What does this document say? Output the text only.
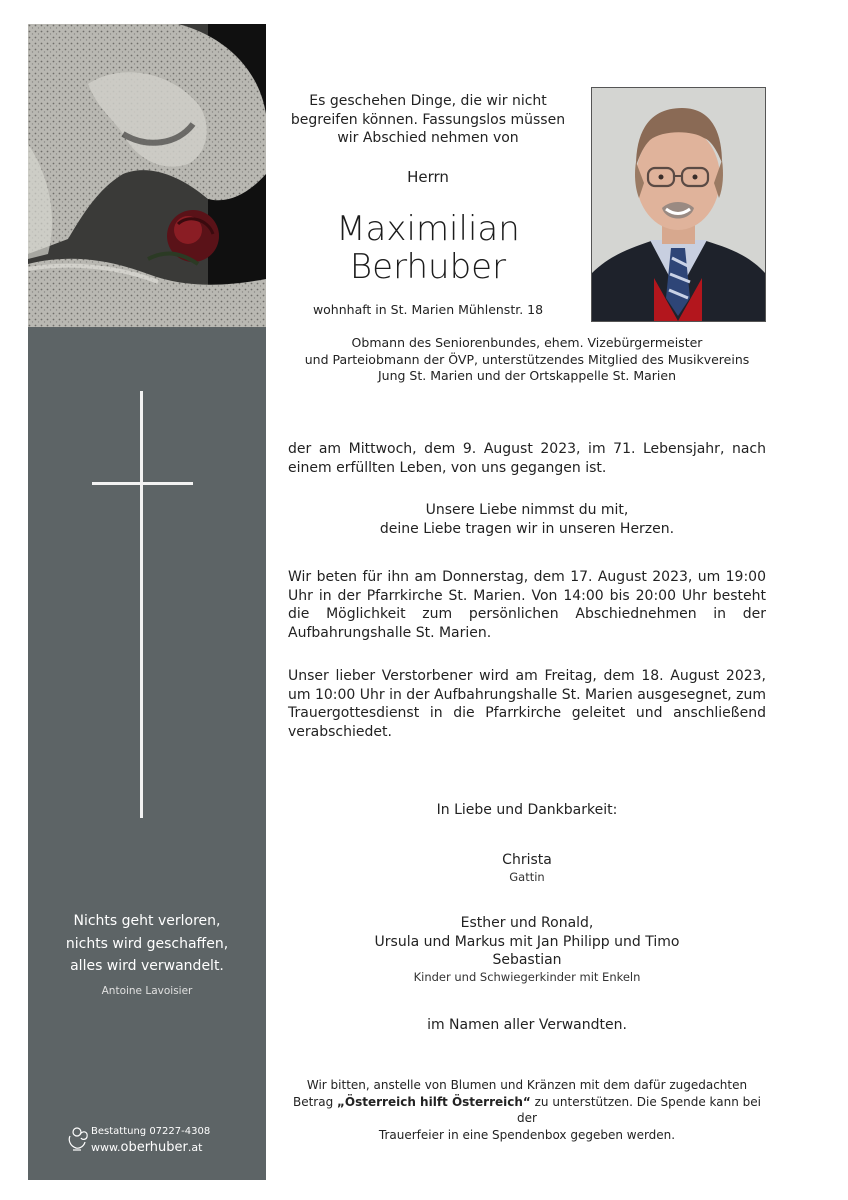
Nichts geht verloren,
nichts wird geschaffen,
alles wird verwandelt.
Antoine Lavoisier
Bestattung 07227-4308
www.oberhuber.at
Es geschehen Dinge, die wir nicht
begreifen können. Fassungslos müssen
wir Abschied nehmen von
Herrn
Maximilian
Berhuber
wohnhaft in St. Marien Mühlenstr. 18
Obmann des Seniorenbundes, ehem. Vizebürgermeister
und Parteiobmann der ÖVP, unterstützendes Mitglied des Musikvereins
Jung St. Marien und der Ortskappelle St. Marien
der am Mittwoch, dem 9. August 2023, im 71. Lebensjahr, nach einem erfüllten Leben, von uns gegangen ist.
Unsere Liebe nimmst du mit,
deine Liebe tragen wir in unseren Herzen.
Wir beten für ihn am Donnerstag, dem 17. August 2023, um 19:00 Uhr in der Pfarrkirche St. Marien. Von 14:00 bis 20:00 Uhr besteht die Möglichkeit zum persönlichen Abschiednehmen in der Aufbahrungshalle St. Marien.
Unser lieber Verstorbener wird am Freitag, dem 18. August 2023, um 10:00 Uhr in der Aufbahrungshalle St. Marien ausgesegnet, zum Trauergottesdienst in die Pfarrkirche geleitet und anschließend verabschiedet.
In Liebe und Dankbarkeit:
Christa
Gattin
Esther und Ronald,
Ursula und Markus mit Jan Philipp und Timo
Sebastian
Kinder und Schwiegerkinder mit Enkeln
im Namen aller Verwandten.
Wir bitten, anstelle von Blumen und Kränzen mit dem dafür zugedachten
Betrag „Österreich hilft Österreich“ zu unterstützen. Die Spende kann bei der
Trauerfeier in eine Spendenbox gegeben werden.
